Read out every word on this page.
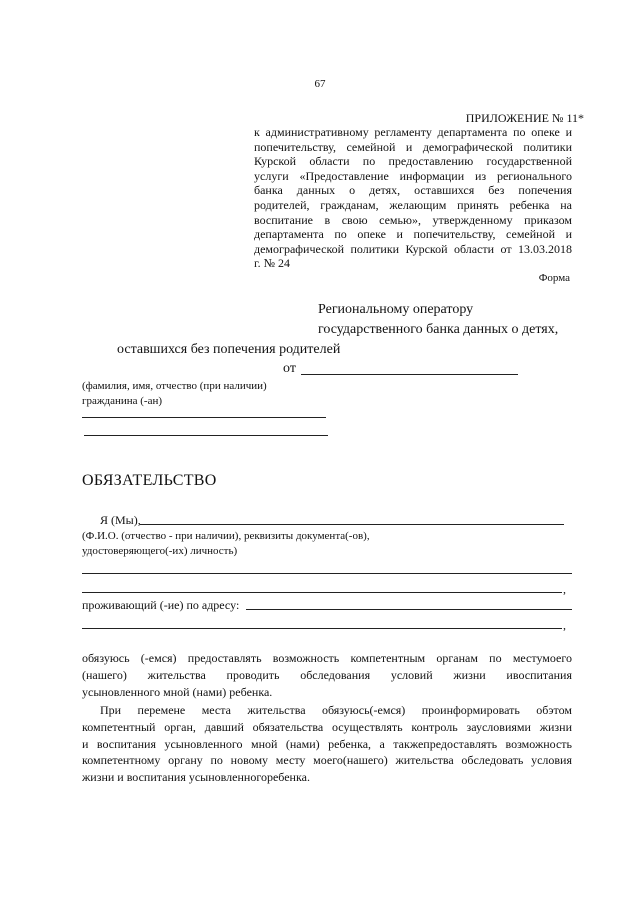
67
ПРИЛОЖЕНИЕ № 11*
к административному регламенту департамента по опеке и
попечительству, семейной и демографической политики
Курской области по предоставлению государственной
услуги «Предоставление информации из регионального
банка данных о детях, оставшихся без попечения
родителей, гражданам, желающим принять ребенка на
воспитание в свою семью», утвержденному приказом
департамента по опеке и попечительству, семейной и
демографической политики Курской области от 13.03.2018
г. № 24
Форма
Региональному оператору
государственного банка данных о детях,
оставшихся без попечения родителей
от
(фамилия, имя, отчество (при наличии)
гражданина (-ан)
ОБЯЗАТЕЛЬСТВО
Я (Мы),
(Ф.И.О. (отчество - при наличии), реквизиты документа(-ов),
удостоверяющего(-их) личность)
,
проживающий (-ие) по адресу:
,
обязуюсь (-емся) предоставлять возможность компетентным органам по местумоего
(нашего) жительства проводить обследования условий жизни ивоспитания
усыновленного мной (нами) ребенка.
При перемене места жительства обязуюсь(-емся) проинформировать обэтом
компетентный орган, давший обязательства осуществлять контроль заусловиями жизни
и воспитания усыновленного мной (нами) ребенка, а такжепредоставлять возможность
компетентному органу по новому месту моего(нашего) жительства обследовать условия
жизни и воспитания усыновленногоребенка.
